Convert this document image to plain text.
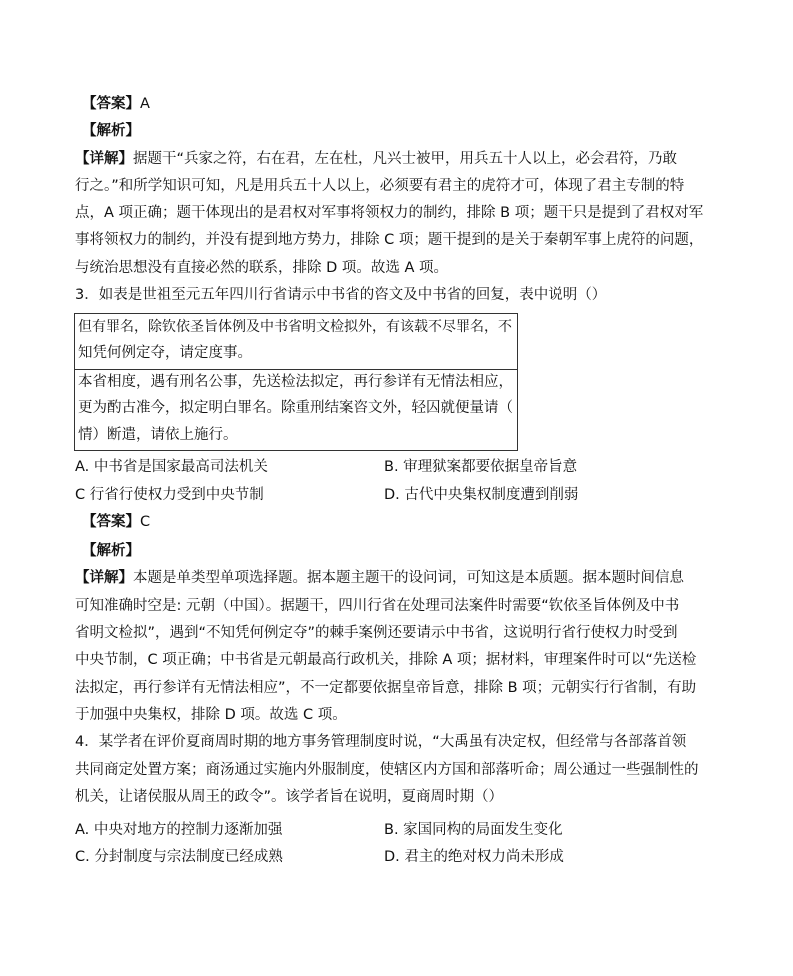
【答案】A
【解析】
【详解】据题干“兵家之符，右在君，左在杜，凡兴士被甲，用兵五十人以上，必会君符，乃敢
行之。”和所学知识可知，凡是用兵五十人以上，必须要有君主的虎符才可，体现了君主专制的特
点，A 项正确；题干体现出的是君权对军事将领权力的制约，排除 B 项；题干只是提到了君权对军
事将领权力的制约，并没有提到地方势力，排除 C 项；题干提到的是关于秦朝军事上虎符的问题，
与统治思想没有直接必然的联系，排除 D 项。故选 A 项。
3．如表是世祖至元五年四川行省请示中书省的咨文及中书省的回复，表中说明（）
但有罪名，除钦依圣旨体例及中书省明文检拟外，有该载不尽罪名，不
知凭何例定夺，请定度事。
本省相度，遇有刑名公事，先送检法拟定，再行参详有无情法相应，
更为酌古准今，拟定明白罪名。除重刑结案咨文外，轻囚就便量请（
情）断遣，请依上施行。
A. 中书省是国家最高司法机关	B. 审理狱案都要依据皇帝旨意
C 行省行使权力受到中央节制	D. 古代中央集权制度遭到削弱
【答案】C
【解析】
【详解】本题是单类型单项选择题。据本题主题干的设问词，可知这是本质题。据本题时间信息
可知准确时空是: 元朝（中国）。据题干，四川行省在处理司法案件时需要“钦依圣旨体例及中书
省明文检拟”，遇到“不知凭何例定夺”的棘手案例还要请示中书省，这说明行省行使权力时受到
中央节制，C 项正确；中书省是元朝最高行政机关，排除 A 项；据材料，审理案件时可以“先送检
法拟定，再行参详有无情法相应”，不一定都要依据皇帝旨意，排除 B 项；元朝实行行省制，有助
于加强中央集权，排除 D 项。故选 C 项。
4．某学者在评价夏商周时期的地方事务管理制度时说，“大禹虽有决定权，但经常与各部落首领
共同商定处置方案；商汤通过实施内外服制度，使辖区内方国和部落听命；周公通过一些强制性的
机关，让诸侯服从周王的政令”。该学者旨在说明，夏商周时期（）
A. 中央对地方的控制力逐渐加强	B. 家国同构的局面发生变化
C. 分封制度与宗法制度已经成熟	D. 君主的绝对权力尚未形成
